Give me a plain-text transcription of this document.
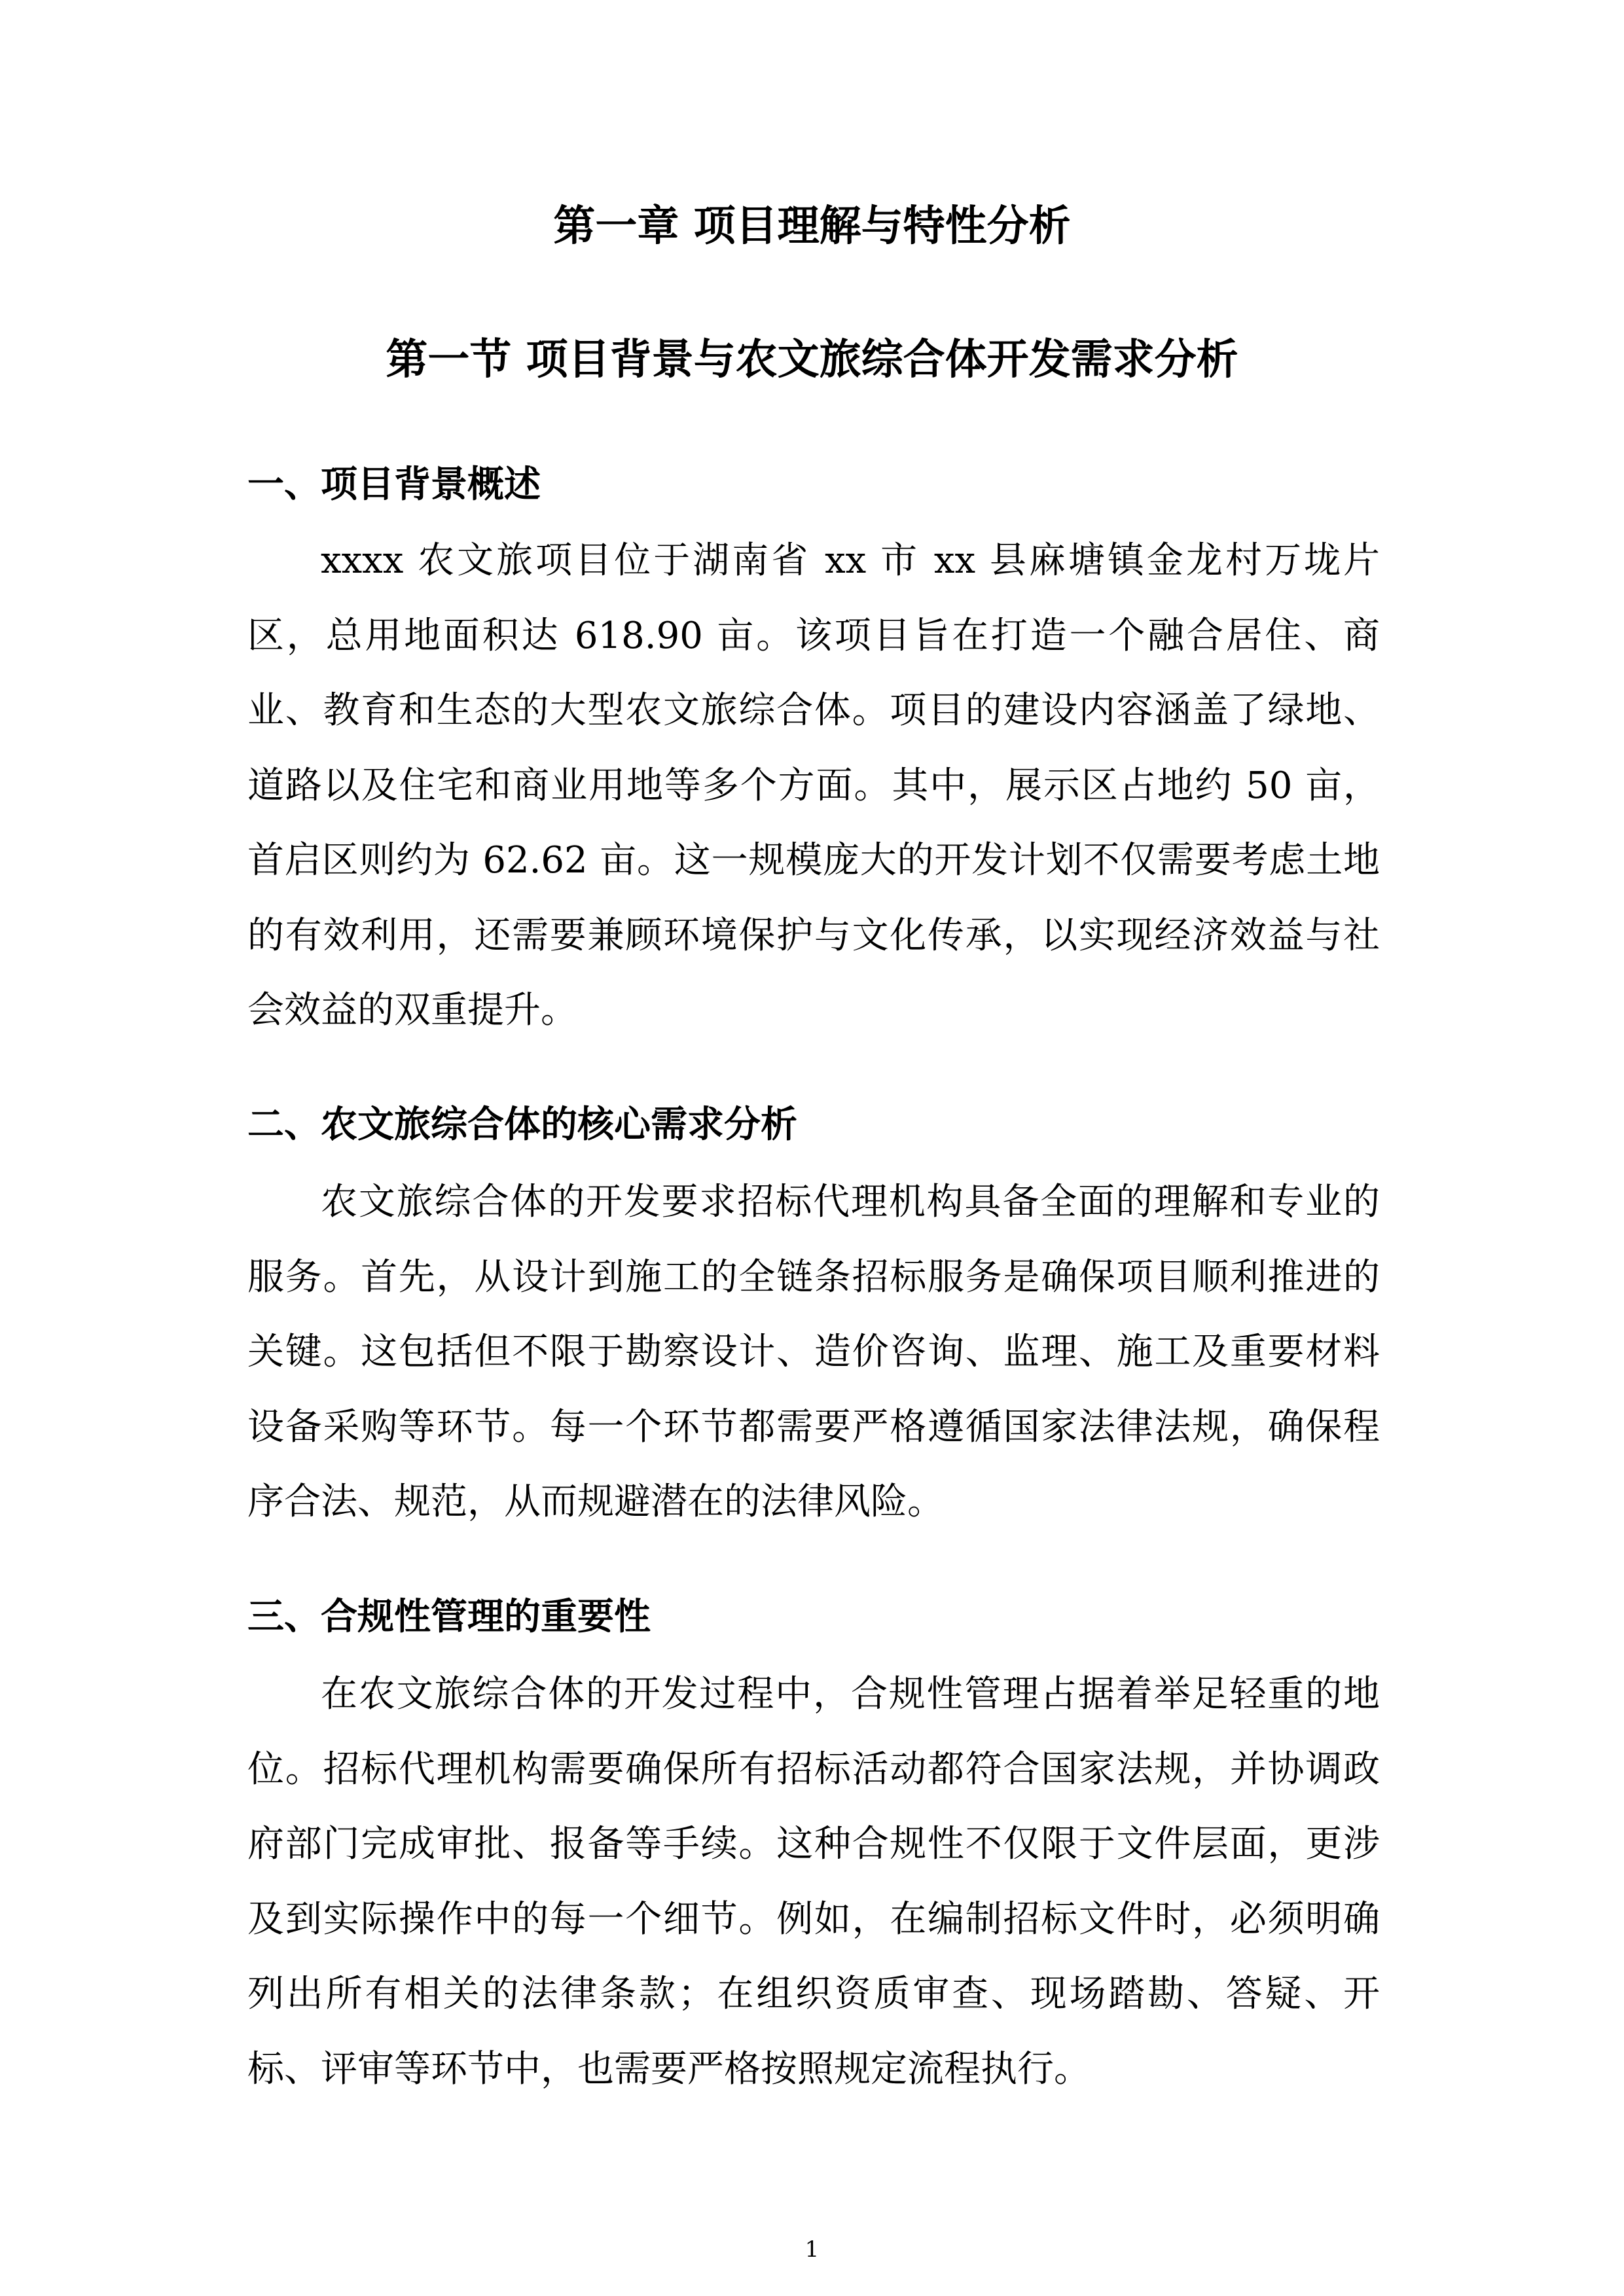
第一章 项目理解与特性分析
第一节 项目背景与农文旅综合体开发需求分析
一、项目背景概述

xxxx 农文旅项目位于湖南省 xx 市 xx 县麻塘镇金龙村万垅片区，总用地面积达 618.90 亩。该项目旨在打造一个融合居住、商业、教育和生态的大型农文旅综合体。项目的建设内容涵盖了绿地、道路以及住宅和商业用地等多个方面。其中，展示区占地约 50 亩，首启区则约为 62.62 亩。这一规模庞大的开发计划不仅需要考虑土地的有效利用，还需要兼顾环境保护与文化传承，以实现经济效益与社会效益的双重提升。

二、农文旅综合体的核心需求分析

农文旅综合体的开发要求招标代理机构具备全面的理解和专业的服务。首先，从设计到施工的全链条招标服务是确保项目顺利推进的关键。这包括但不限于勘察设计、造价咨询、监理、施工及重要材料设备采购等环节。每一个环节都需要严格遵循国家法律法规，确保程序合法、规范，从而规避潜在的法律风险。

三、合规性管理的重要性

在农文旅综合体的开发过程中，合规性管理占据着举足轻重的地位。招标代理机构需要确保所有招标活动都符合国家法规，并协调政府部门完成审批、报备等手续。这种合规性不仅限于文件层面，更涉及到实际操作中的每一个细节。例如，在编制招标文件时，必须明确列出所有相关的法律条款；在组织资质审查、现场踏勘、答疑、开标、评审等环节中，也需要严格按照规定流程执行。

1
